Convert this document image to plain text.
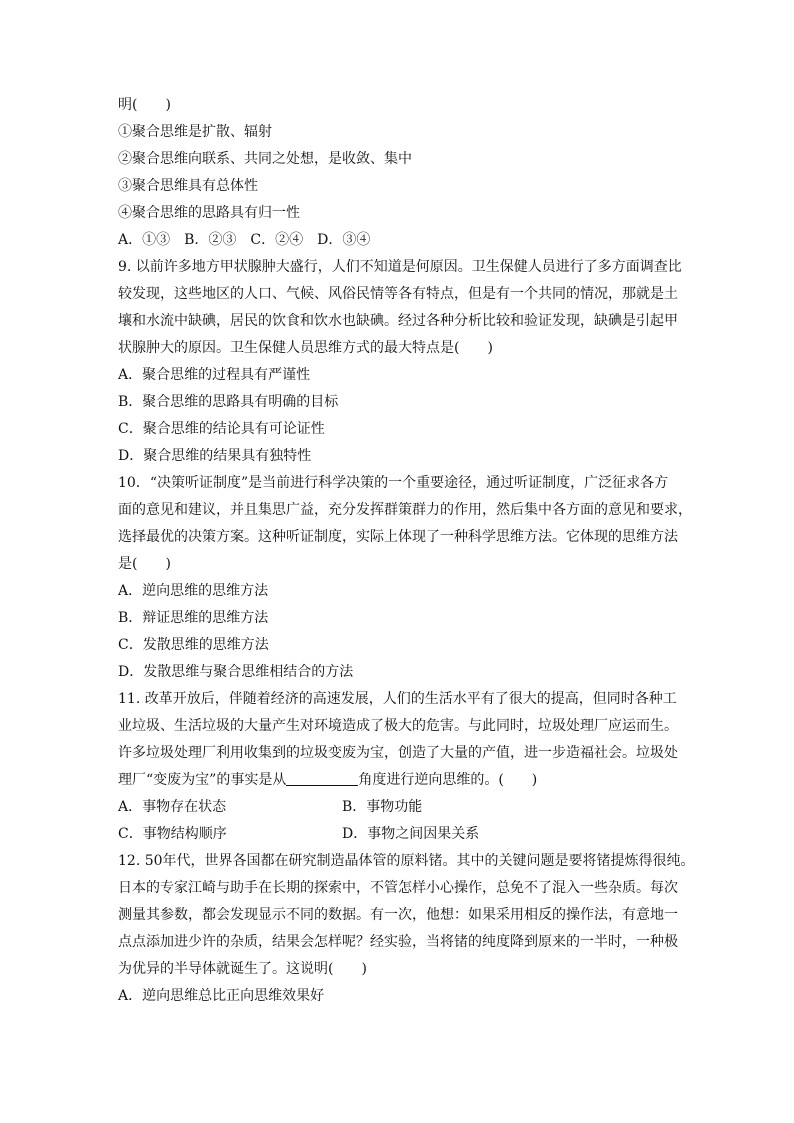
明(　　)
①聚合思维是扩散、辐射
②聚合思维向联系、共同之处想，是收敛、集中
③聚合思维具有总体性
④聚合思维的思路具有归一性
A．①③　B．②③　C．②④　D．③④
9. 以前许多地方甲状腺肿大盛行，人们不知道是何原因。卫生保健人员进行了多方面调查比
较发现，这些地区的人口、气候、风俗民情等各有特点，但是有一个共同的情况，那就是土
壤和水流中缺碘，居民的饮食和饮水也缺碘。经过各种分析比较和验证发现，缺碘是引起甲
状腺肿大的原因。卫生保健人员思维方式的最大特点是(　　)
A．聚合思维的过程具有严谨性
B．聚合思维的思路具有明确的目标
C．聚合思维的结论具有可论证性
D．聚合思维的结果具有独特性
10．“决策听证制度”是当前进行科学决策的一个重要途径，通过听证制度，广泛征求各方
面的意见和建议，并且集思广益，充分发挥群策群力的作用，然后集中各方面的意见和要求，
选择最优的决策方案。这种听证制度，实际上体现了一种科学思维方法。它体现的思维方法
是(　　)
A．逆向思维的思维方法
B．辩证思维的思维方法
C．发散思维的思维方法
D．发散思维与聚合思维相结合的方法
11. 改革开放后，伴随着经济的高速发展，人们的生活水平有了很大的提高，但同时各种工
业垃圾、生活垃圾的大量产生对环境造成了极大的危害。与此同时，垃圾处理厂应运而生。
许多垃圾处理厂利用收集到的垃圾变废为宝，创造了大量的产值，进一步造福社会。垃圾处
理厂“变废为宝”的事实是从	角度进行逆向思维的。(　　)
A．事物存在状态	B．事物功能
C．事物结构顺序	D．事物之间因果关系
12. 50年代，世界各国都在研究制造晶体管的原料锗。其中的关键问题是要将锗提炼得很纯。
日本的专家江崎与助手在长期的探索中，不管怎样小心操作，总免不了混入一些杂质。每次
测量其参数，都会发现显示不同的数据。有一次，他想：如果采用相反的操作法，有意地一
点点添加进少许的杂质，结果会怎样呢？经实验，当将锗的纯度降到原来的一半时，一种极
为优异的半导体就诞生了。这说明(　　)
A．逆向思维总比正向思维效果好
